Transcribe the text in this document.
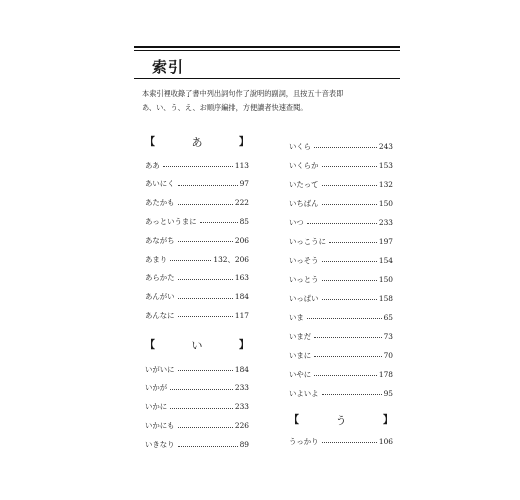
索引
本索引裡收錄了書中列出詞句作了說明的副詞，且按五十音表即
あ、い、う、え、お順序編排，方便讀者快速查閱。
【	あ	】
ああ	113
あいにく	97
あたかも	222
あっというまに	85
あながち	206
あまり	132、206
あらかた	163
あんがい	184
あんなに	117
【	い	】
いがいに	184
いかが	233
いかに	233
いかにも	226
いきなり	89
いくら	243
いくらか	153
いたって	132
いちばん	150
いつ	233
いっこうに	197
いっそう	154
いっとう	150
いっぱい	158
いま	65
いまだ	73
いまに	70
いやに	178
いよいよ	95
【	う	】
うっかり	106
